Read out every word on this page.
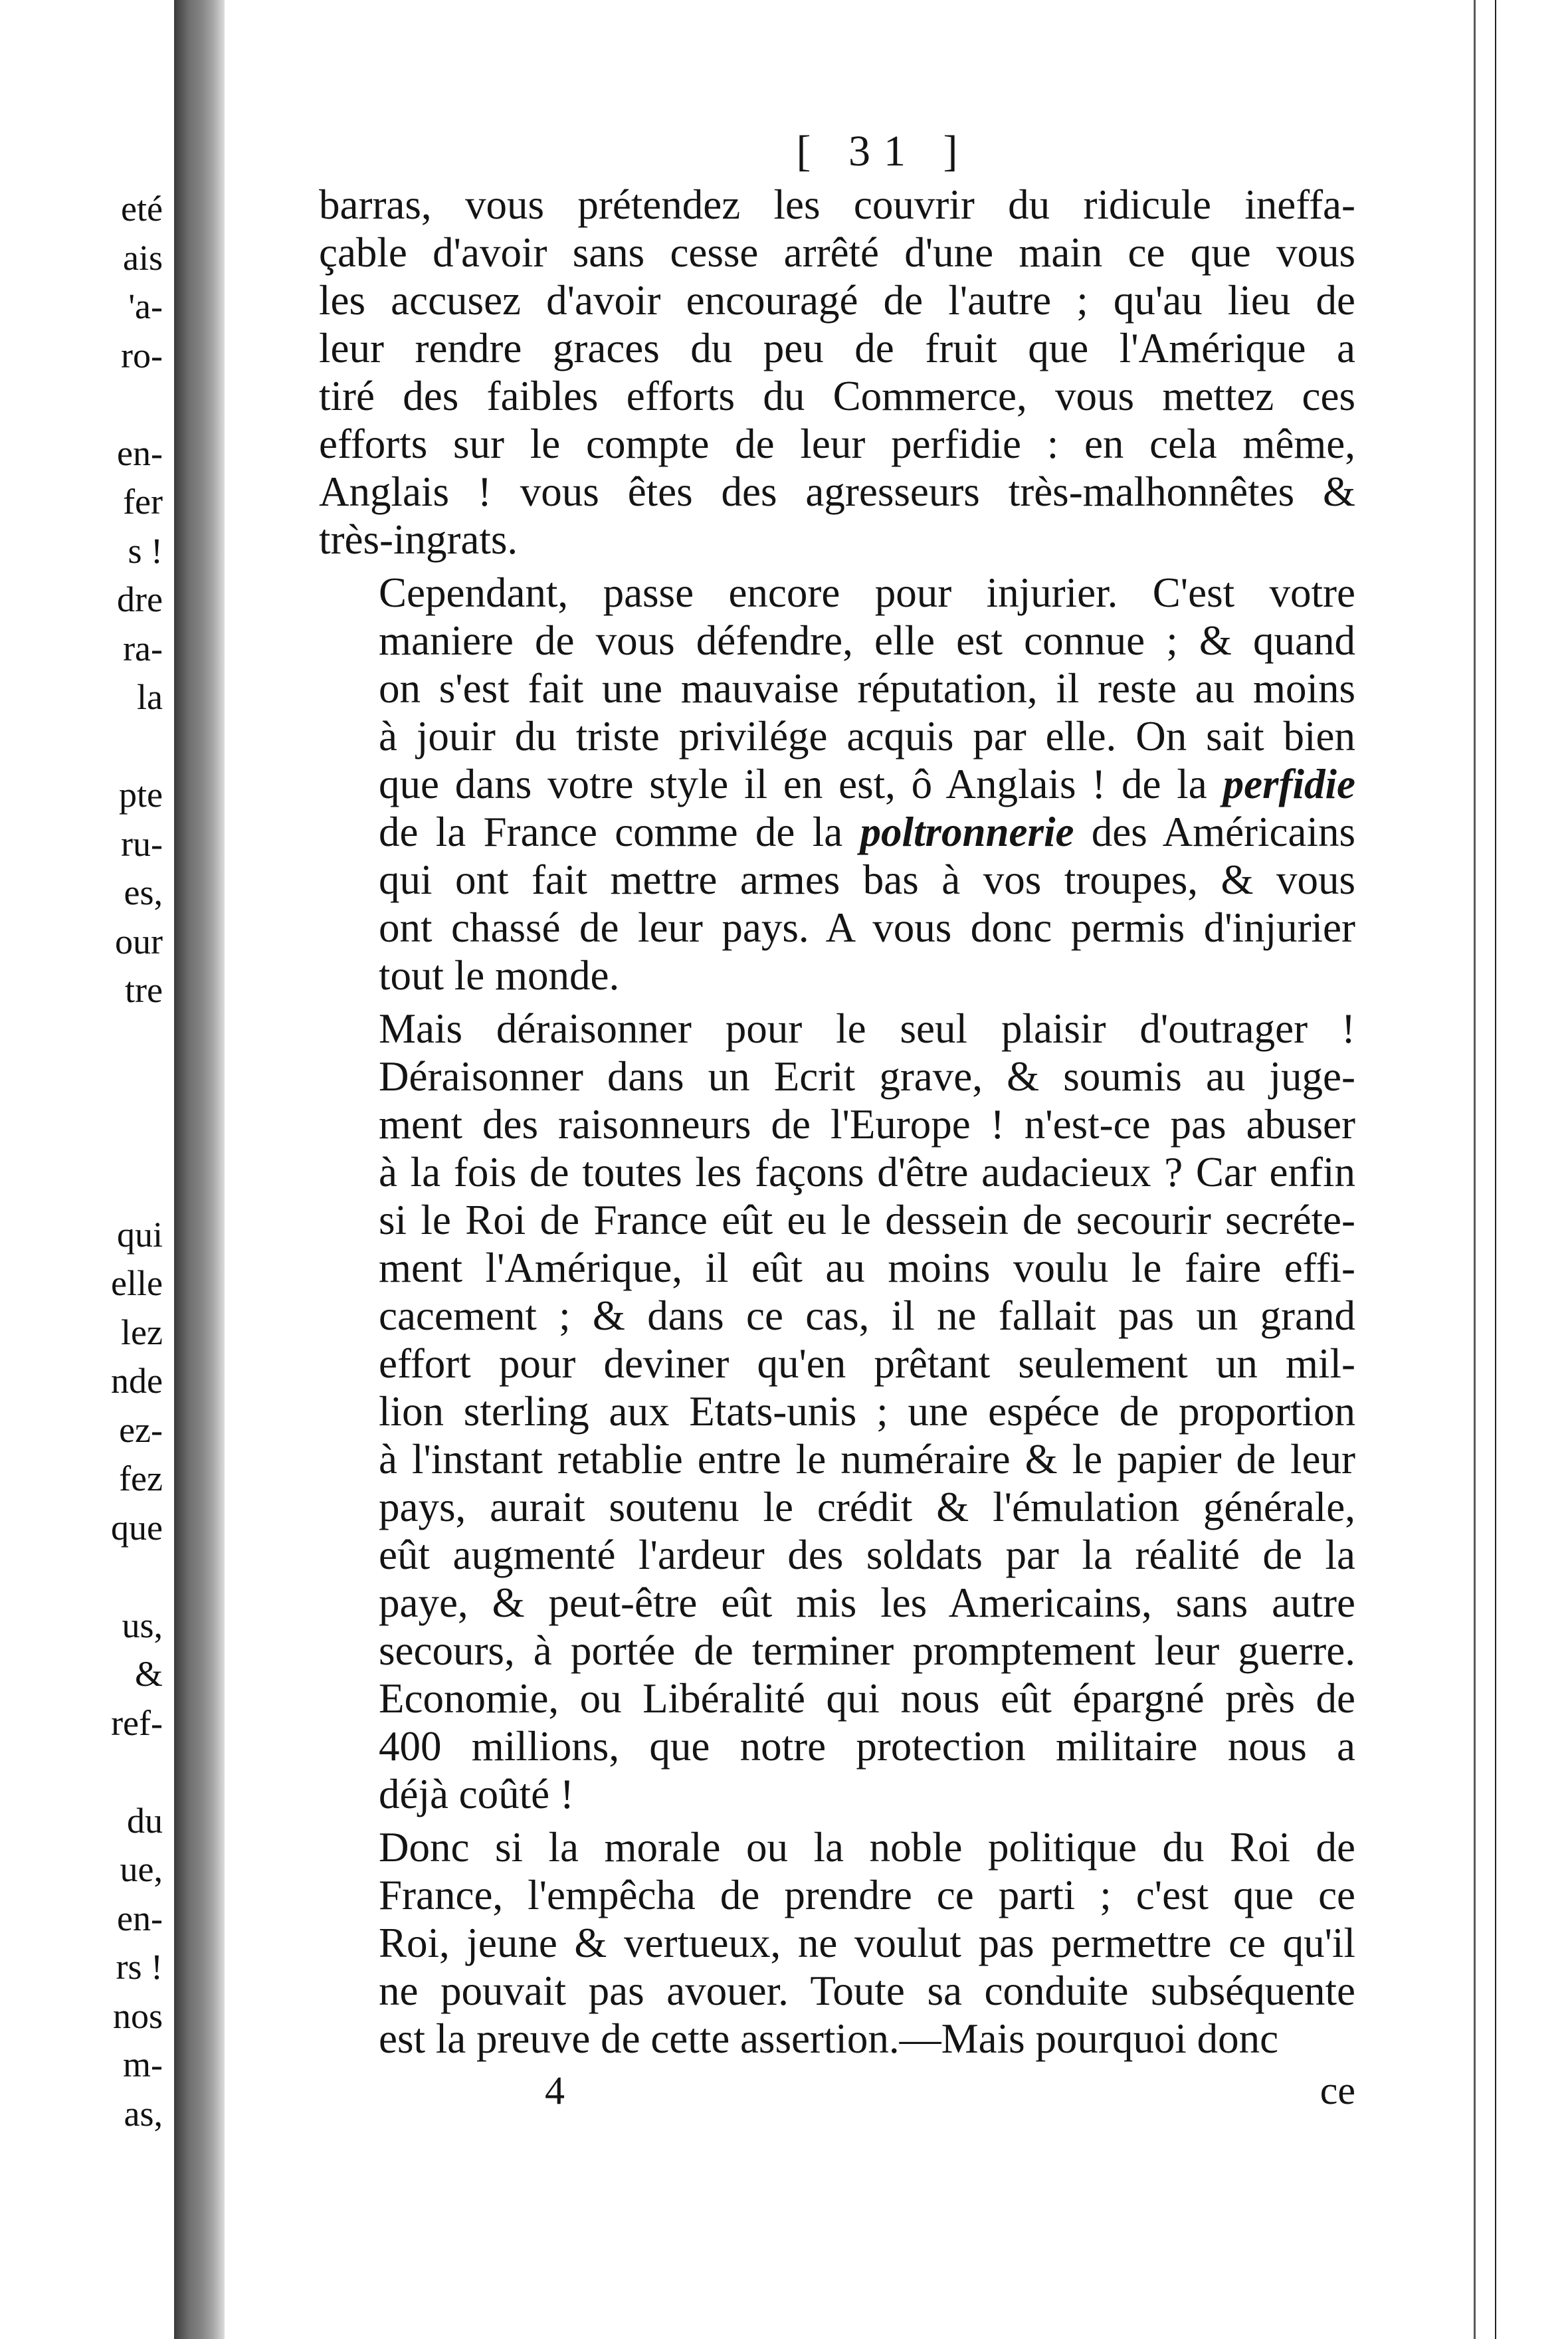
eté
ais
'a-
ro-
en-
fer
s !
dre
ra-
la
pte
ru-
es,
our
tre
qui
elle
lez
nde
ez-
fez
que
us,
&
ref-
du
ue,
en-
rs !
nos
m-
as,
[ 31 ]

barras, vous prétendez les couvrir du ridicule ineffa-
çable d'avoir sans cesse arrêté d'une main ce que vous
les accusez d'avoir encouragé de l'autre ; qu'au lieu de
leur rendre graces du peu de fruit que l'Amérique a
tiré des faibles efforts du Commerce, vous mettez ces
efforts sur le compte de leur perfidie : en cela même,
Anglais ! vous êtes des agresseurs très-malhonnêtes &
très-ingrats.

Cependant, passe encore pour injurier. C'est votre
maniere de vous défendre, elle est connue ; & quand
on s'est fait une mauvaise réputation, il reste au moins
à jouir du triste privilége acquis par elle. On sait bien
que dans votre style il en est, ô Anglais ! de la perfidie
de la France comme de la poltronnerie des Américains
qui ont fait mettre armes bas à vos troupes, & vous
ont chassé de leur pays. A vous donc permis d'injurier
tout le monde.

Mais déraisonner pour le seul plaisir d'outrager !
Déraisonner dans un Ecrit grave, & soumis au juge-
ment des raisonneurs de l'Europe ! n'est-ce pas abuser
à la fois de toutes les façons d'être audacieux ? Car enfin
si le Roi de France eût eu le dessein de secourir secréte-
ment l'Amérique, il eût au moins voulu le faire effi-
cacement ; & dans ce cas, il ne fallait pas un grand
effort pour deviner qu'en prêtant seulement un mil-
lion sterling aux Etats-unis ; une espéce de proportion
à l'instant retablie entre le numéraire & le papier de leur
pays, aurait soutenu le crédit & l'émulation générale,
eût augmenté l'ardeur des soldats par la réalité de la
paye, & peut-être eût mis les Americains, sans autre
secours, à portée de terminer promptement leur guerre.
Economie, ou Libéralité qui nous eût épargné près de
400 millions, que notre protection militaire nous a
déjà coûté !

Donc si la morale ou la noble politique du Roi de
France, l'empêcha de prendre ce parti ; c'est que ce
Roi, jeune & vertueux, ne voulut pas permettre ce qu'il
ne pouvait pas avouer. Toute sa conduite subséquente
est la preuve de cette assertion.—Mais pourquoi donc

4	ce
